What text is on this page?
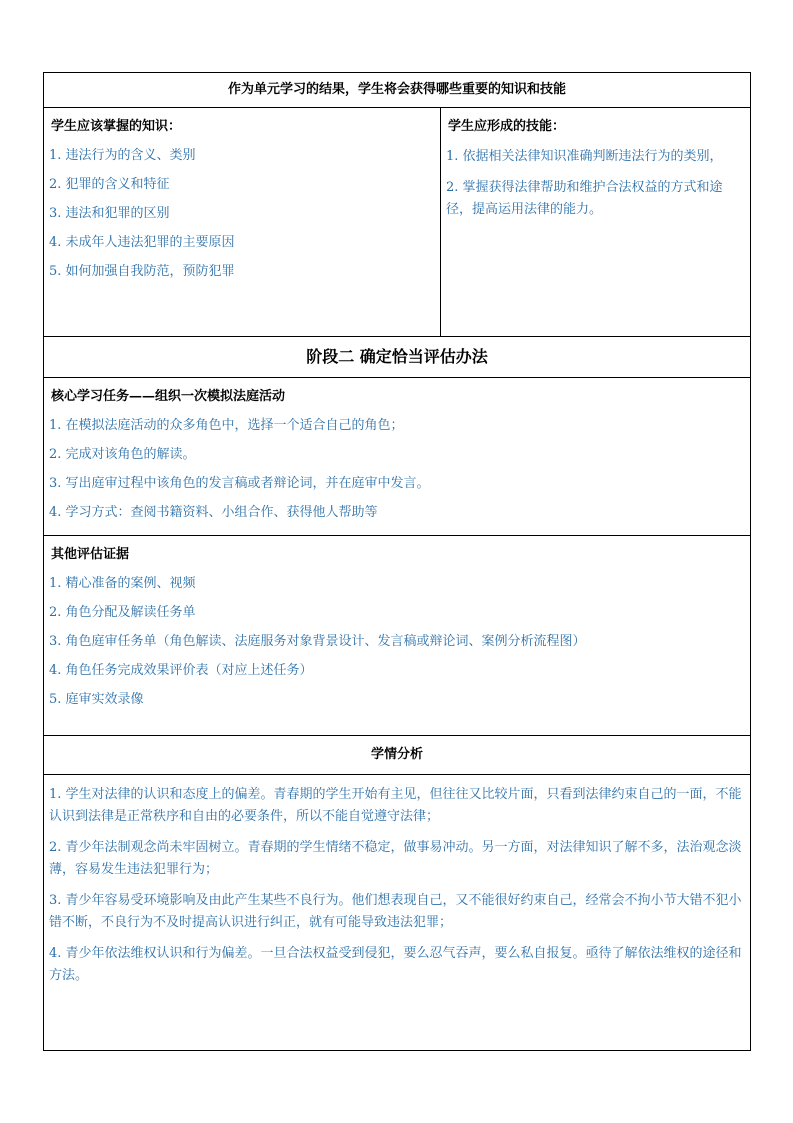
作为单元学习的结果，学生将会获得哪些重要的知识和技能

学生应该掌握的知识：

1. 违法行为的含义、类别

2. 犯罪的含义和特征

3. 违法和犯罪的区别

4. 未成年人违法犯罪的主要原因

5. 如何加强自我防范，预防犯罪

学生应形成的技能：

1. 依据相关法律知识准确判断违法行为的类别，

2. 掌握获得法律帮助和维护合法权益的方式和途径，提高运用法律的能力。

阶段二 确定恰当评估办法

核心学习任务——组织一次模拟法庭活动

1. 在模拟法庭活动的众多角色中，选择一个适合自己的角色；

2. 完成对该角色的解读。

3. 写出庭审过程中该角色的发言稿或者辩论词，并在庭审中发言。

4. 学习方式：查阅书籍资料、小组合作、获得他人帮助等

其他评估证据

1. 精心准备的案例、视频

2. 角色分配及解读任务单

3. 角色庭审任务单（角色解读、法庭服务对象背景设计、发言稿或辩论词、案例分析流程图）

4. 角色任务完成效果评价表（对应上述任务）

5. 庭审实效录像

学情分析

1. 学生对法律的认识和态度上的偏差。青春期的学生开始有主见，但往往又比较片面，只看到法律约束自己的一面，不能认识到法律是正常秩序和自由的必要条件，所以不能自觉遵守法律；

2. 青少年法制观念尚未牢固树立。青春期的学生情绪不稳定，做事易冲动。另一方面，对法律知识了解不多，法治观念淡薄，容易发生违法犯罪行为；

3. 青少年容易受环境影响及由此产生某些不良行为。他们想表现自己，又不能很好约束自己，经常会不拘小节大错不犯小错不断，不良行为不及时提高认识进行纠正，就有可能导致违法犯罪；

4. 青少年依法维权认识和行为偏差。一旦合法权益受到侵犯，要么忍气吞声，要么私自报复。亟待了解依法维权的途径和方法。
